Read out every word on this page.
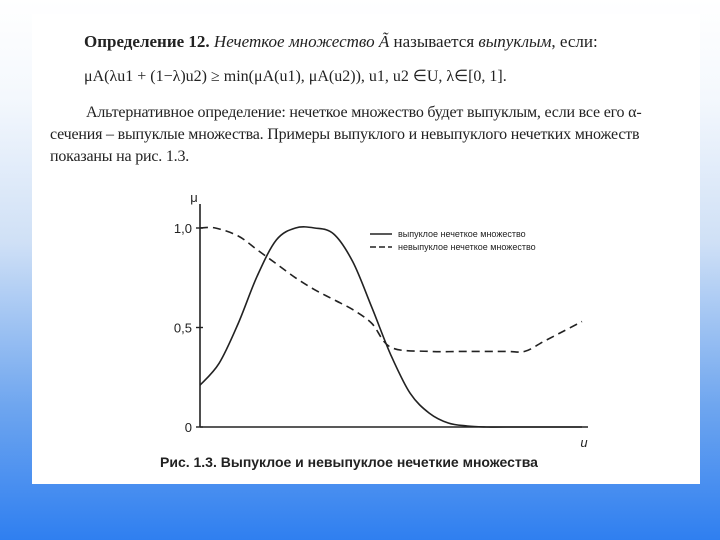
Определение 12. Нечеткое множество Ã называется выпуклым, если:

μA(λu1 + (1−λ)u2) ≥ min(μA(u1), μA(u2)), u1, u2 ∈U, λ∈[0, 1].

Альтернативное определение: нечеткое множество будет выпуклым, если все его α-сечения – выпуклые множества. Примеры выпуклого и невыпуклого нечетких множеств показаны на рис. 1.3.

0
0,5
1,0
μ
u
выпуклое нечеткое множество
невыпуклое нечеткое множество

Рис. 1.3. Выпуклое и невыпуклое нечеткие множества
